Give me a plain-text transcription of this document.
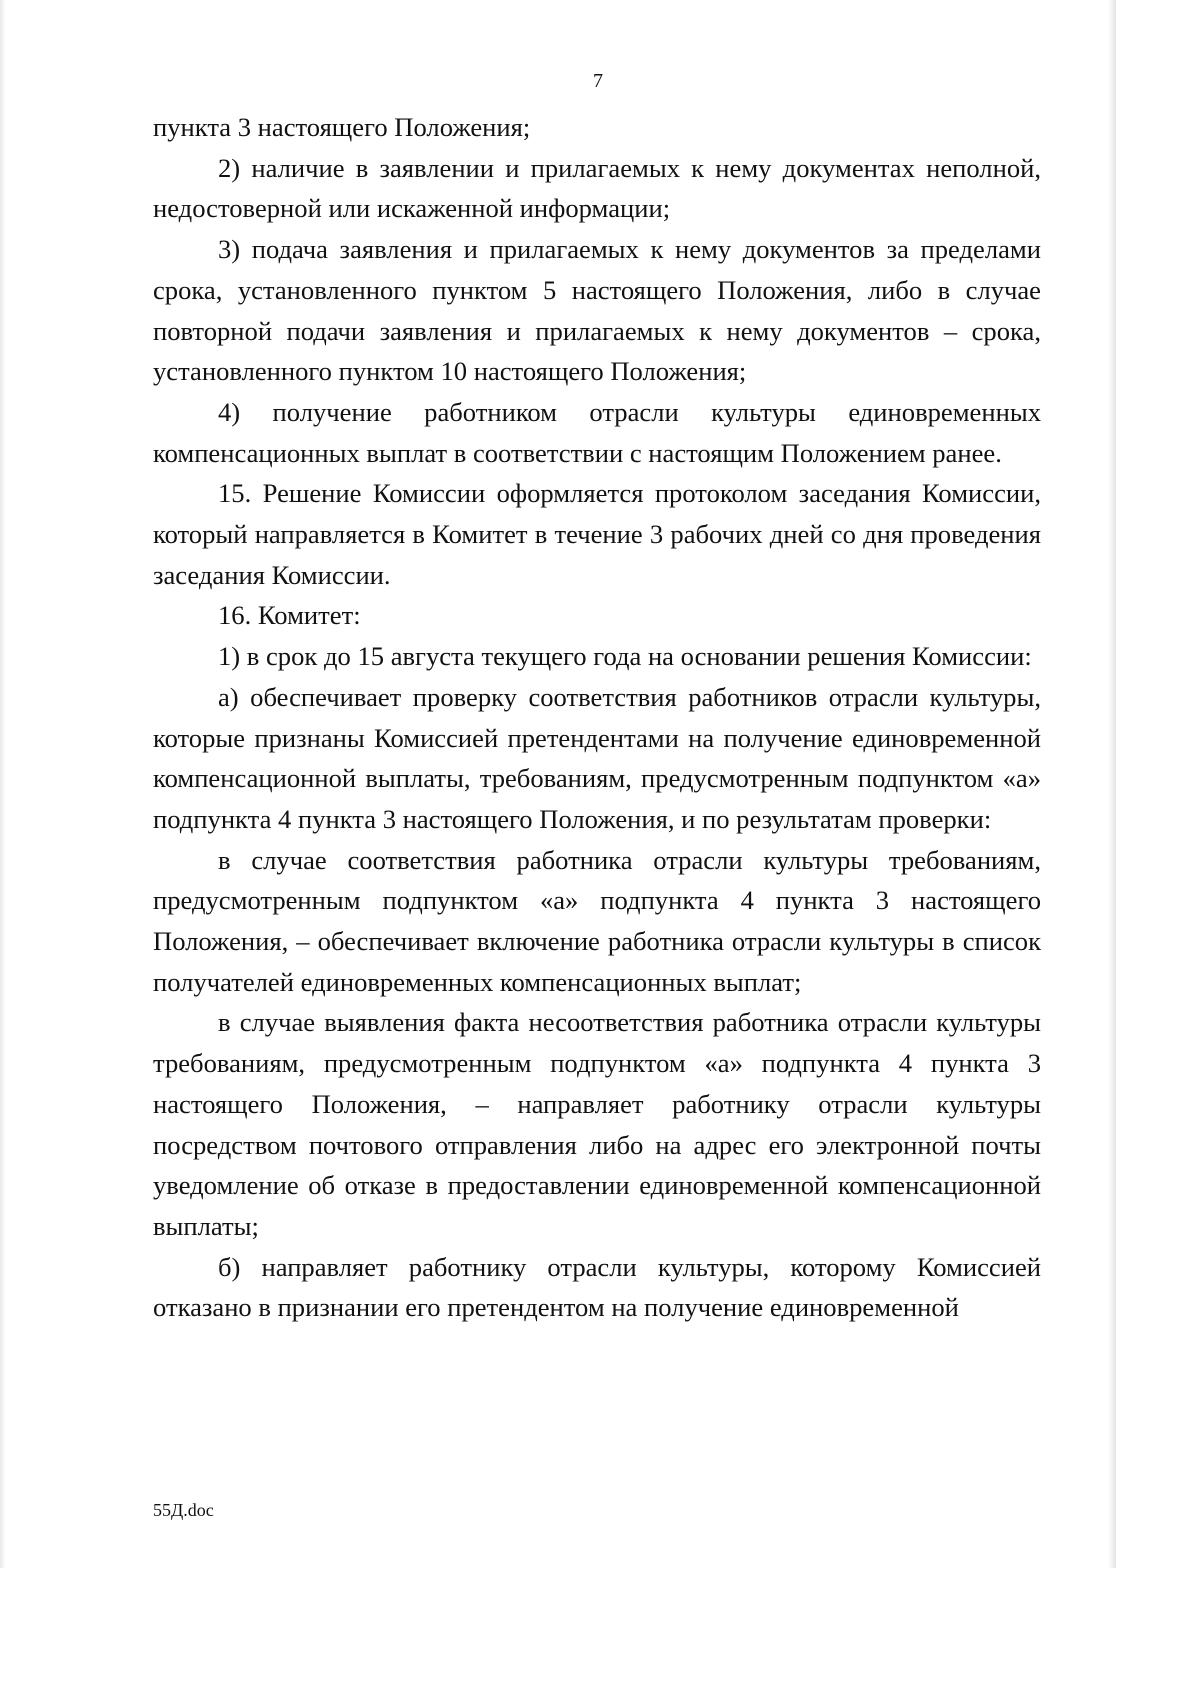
7

пункта 3 настоящего Положения;

2) наличие в заявлении и прилагаемых к нему документах неполной, недостоверной или искаженной информации;

3) подача заявления и прилагаемых к нему документов за пределами срока, установленного пунктом 5 настоящего Положения, либо в случае повторной подачи заявления и прилагаемых к нему документов – срока, установленного пунктом 10 настоящего Положения;

4) получение работником отрасли культуры единовременных компенсационных выплат в соответствии с настоящим Положением ранее.

15. Решение Комиссии оформляется протоколом заседания Комиссии, который направляется в Комитет в течение 3 рабочих дней со дня проведения заседания Комиссии.

16. Комитет:

1) в срок до 15 августа текущего года на основании решения Комиссии:

а) обеспечивает проверку соответствия работников отрасли культуры, которые признаны Комиссией претендентами на получение единовременной компенсационной выплаты, требованиям, предусмотренным подпунктом «а» подпункта 4 пункта 3 настоящего Положения, и по результатам проверки:

в случае соответствия работника отрасли культуры требованиям, предусмотренным подпунктом «а» подпункта 4 пункта 3 настоящего Положения, – обеспечивает включение работника отрасли культуры в список получателей единовременных компенсационных выплат;

в случае выявления факта несоответствия работника отрасли культуры требованиям, предусмотренным подпунктом «а» подпункта 4 пункта 3 настоящего Положения, – направляет работнику отрасли культуры посредством почтового отправления либо на адрес его электронной почты уведомление об отказе в предоставлении единовременной компенсационной выплаты;

б) направляет работнику отрасли культуры, которому Комиссией отказано в признании его претендентом на получение единовременной

55Д.doc
